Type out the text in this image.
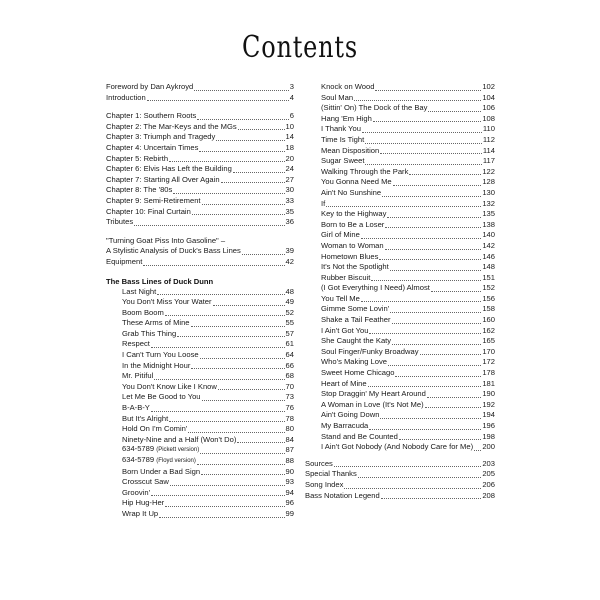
Contents
Foreword by Dan Aykroyd	3
Introduction	4
Chapter 1: Southern Roots	6
Chapter 2: The Mar-Keys and the MGs	10
Chapter 3: Triumph and Tragedy	14
Chapter 4: Uncertain Times	18
Chapter 5: Rebirth	20
Chapter 6: Elvis Has Left the Building	24
Chapter 7: Starting All Over Again	27
Chapter 8: The '80s	30
Chapter 9: Semi-Retirement	33
Chapter 10: Final Curtain	35
Tributes	36
"Turning Goat Piss Into Gasoline" –
A Stylistic Analysis of Duck's Bass Lines	39
Equipment	42
The Bass Lines of Duck Dunn
Last Night	48
You Don't Miss Your Water	49
Boom Boom	52
These Arms of Mine	55
Grab This Thing	57
Respect	61
I Can't Turn You Loose	64
In the Midnight Hour	66
Mr. Pitiful	68
You Don't Know Like I Know	70
Let Me Be Good to You	73
B-A-B-Y	76
But It's Alright	78
Hold On I'm Comin'	80
Ninety-Nine and a Half (Won't Do)	84
634-5789 (Pickett version)	87
634-5789 (Floyd version)	88
Born Under a Bad Sign	90
Crosscut Saw	93
Groovin'	94
Hip Hug-Her	96
Wrap It Up	99
Knock on Wood	102
Soul Man	104
(Sittin' On) The Dock of the Bay	106
Hang 'Em High	108
I Thank You	110
Time Is Tight	112
Mean Disposition	114
Sugar Sweet	117
Walking Through the Park	122
You Gonna Need Me	128
Ain't No Sunshine	130
If	132
Key to the Highway	135
Born to Be a Loser	138
Girl of Mine	140
Woman to Woman	142
Hometown Blues	146
It's Not the Spotlight	148
Rubber Biscuit	151
(I Got Everything I Need) Almost	152
You Tell Me	156
Gimme Some Lovin'	158
Shake a Tail Feather	160
I Ain't Got You	162
She Caught the Katy	165
Soul Finger/Funky Broadway	170
Who's Making Love	172
Sweet Home Chicago	178
Heart of Mine	181
Stop Draggin' My Heart Around	190
A Woman in Love (It's Not Me)	192
Ain't Going Down	194
My Barracuda	196
Stand and Be Counted	198
I Ain't Got Nobody (And Nobody Care for Me) 200
Sources	203
Special Thanks	205
Song Index	206
Bass Notation Legend	208
